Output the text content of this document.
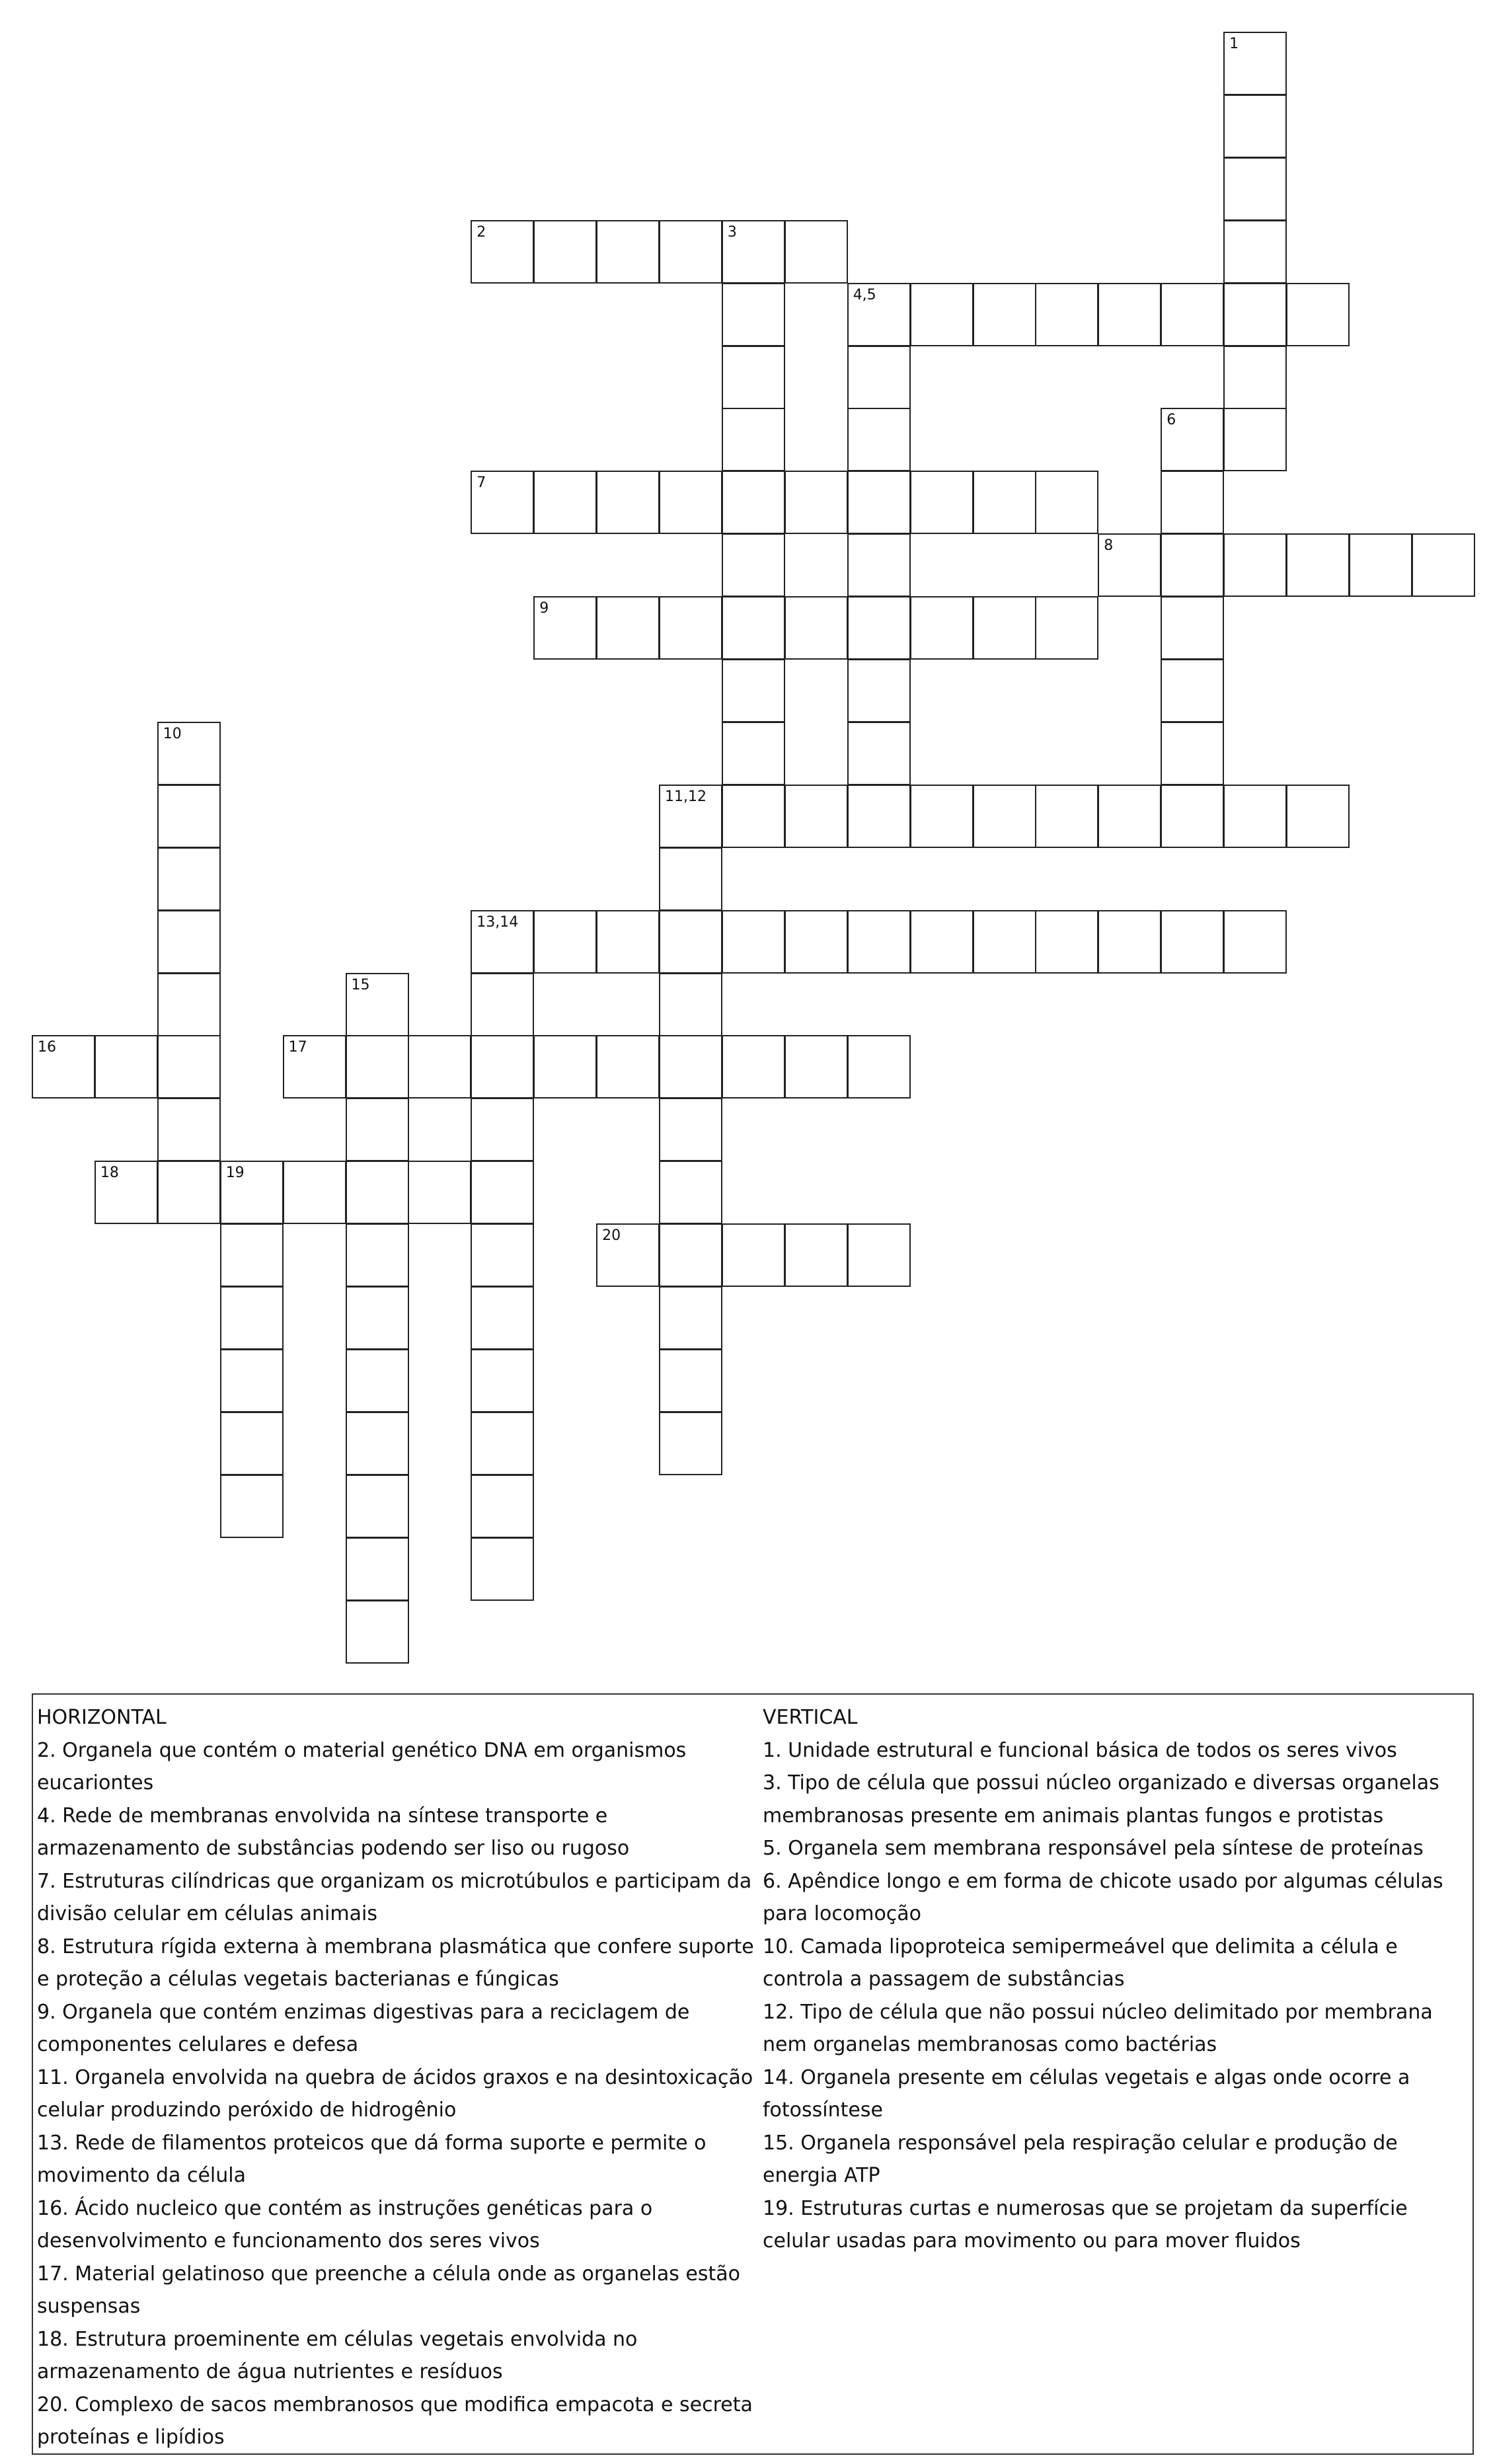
1
2	3
4,5
6
7
8
9
10
11,12
13,14
15
16	17
18	19
20

HORIZONTAL

2. Organela que contém o material genético DNA em organismos eucariontes

4. Rede de membranas envolvida na síntese transporte e armazenamento de substâncias podendo ser liso ou rugoso

7. Estruturas cilíndricas que organizam os microtúbulos e participam da divisão celular em células animais

8. Estrutura rígida externa à membrana plasmática que confere suporte e proteção a células vegetais bacterianas e fúngicas

9. Organela que contém enzimas digestivas para a reciclagem de componentes celulares e defesa

11. Organela envolvida na quebra de ácidos graxos e na desintoxicação celular produzindo peróxido de hidrogênio

13. Rede de filamentos proteicos que dá forma suporte e permite o movimento da célula

16. Ácido nucleico que contém as instruções genéticas para o desenvolvimento e funcionamento dos seres vivos

17. Material gelatinoso que preenche a célula onde as organelas estão suspensas

18. Estrutura proeminente em células vegetais envolvida no armazenamento de água nutrientes e resíduos

20. Complexo de sacos membranosos que modifica empacota e secreta proteínas e lipídios

VERTICAL

1. Unidade estrutural e funcional básica de todos os seres vivos

3. Tipo de célula que possui núcleo organizado e diversas organelas membranosas presente em animais plantas fungos e protistas

5. Organela sem membrana responsável pela síntese de proteínas

6. Apêndice longo e em forma de chicote usado por algumas células para locomoção

10. Camada lipoproteica semipermeável que delimita a célula e controla a passagem de substâncias

12. Tipo de célula que não possui núcleo delimitado por membrana nem organelas membranosas como bactérias

14. Organela presente em células vegetais e algas onde ocorre a fotossíntese

15. Organela responsável pela respiração celular e produção de energia ATP

19. Estruturas curtas e numerosas que se projetam da superfície celular usadas para movimento ou para mover fluidos
